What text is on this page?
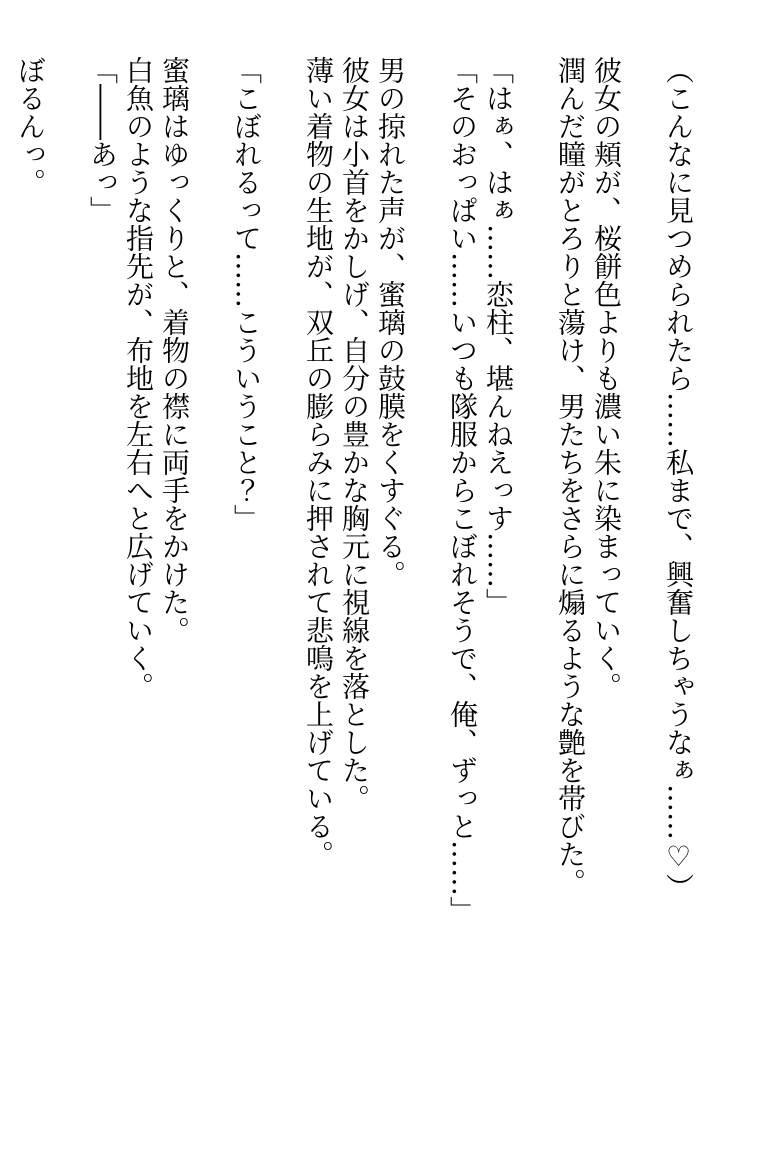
（こんなに見つめられたら……私まで、興奮しちゃうなぁ……♡）

彼女の頬が、桜餅色よりも濃い朱に染まっていく。

潤んだ瞳がとろりと蕩け、男たちをさらに煽るような艶を帯びた。

「はぁ、はぁ……恋柱、堪んねえっす……」

「そのおっぱい……いつも隊服からこぼれそうで、俺、ずっと……」

男の掠れた声が、蜜璃の鼓膜をくすぐる。

彼女は小首をかしげ、自分の豊かな胸元に視線を落とした。

薄い着物の生地が、双丘の膨らみに押されて悲鳴を上げている。

「こぼれるって……こういうこと？」

蜜璃はゆっくりと、着物の襟に両手をかけた。

白魚のような指先が、布地を左右へと広げていく。

「――あっ」

ぼるんっ。
